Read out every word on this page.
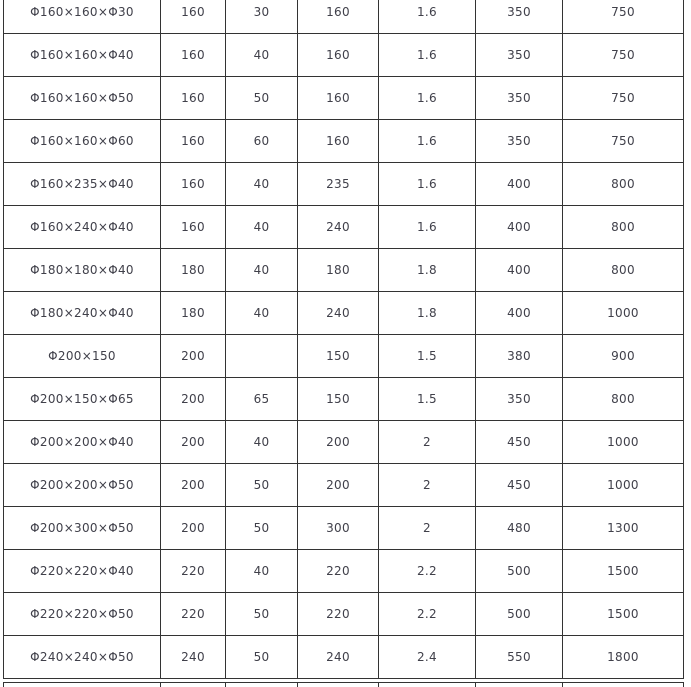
Φ160×160×Φ30	160	30	160	1.6	350	750
Φ160×160×Φ40	160	40	160	1.6	350	750
Φ160×160×Φ50	160	50	160	1.6	350	750
Φ160×160×Φ60	160	60	160	1.6	350	750
Φ160×235×Φ40	160	40	235	1.6	400	800
Φ160×240×Φ40	160	40	240	1.6	400	800
Φ180×180×Φ40	180	40	180	1.8	400	800
Φ180×240×Φ40	180	40	240	1.8	400	1000
Φ200×150	200		150	1.5	380	900
Φ200×150×Φ65	200	65	150	1.5	350	800
Φ200×200×Φ40	200	40	200	2	450	1000
Φ200×200×Φ50	200	50	200	2	450	1000
Φ200×300×Φ50	200	50	300	2	480	1300
Φ220×220×Φ40	220	40	220	2.2	500	1500
Φ220×220×Φ50	220	50	220	2.2	500	1500
Φ240×240×Φ50	240	50	240	2.4	550	1800
